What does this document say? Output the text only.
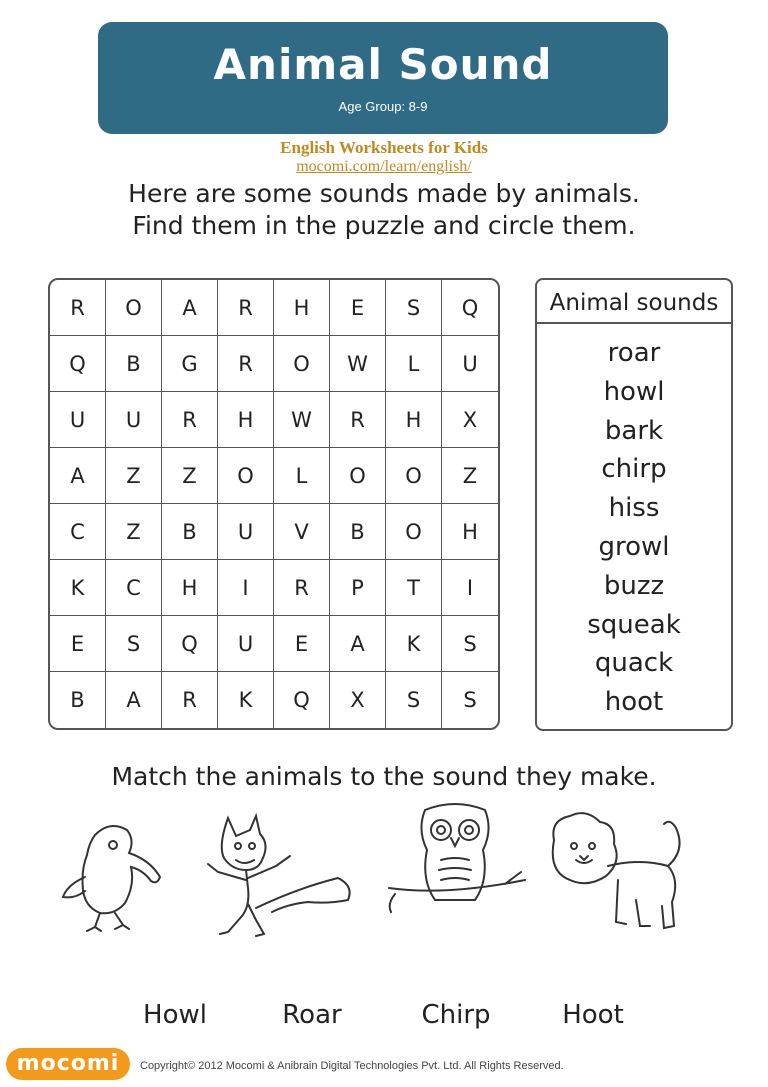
Animal Sound
Age Group: 8-9
English Worksheets for Kids
mocomi.com/learn/english/
Here are some sounds made by animals.
Find them in the puzzle and circle them.
R	O	A	R	H	E	S	Q
Q	B	G	R	O	W	L	U
U	U	R	H	W	R	H	X
A	Z	Z	O	L	O	O	Z
C	Z	B	U	V	B	O	H
K	C	H	I	R	P	T	I
E	S	Q	U	E	A	K	S
B	A	R	K	Q	X	S	S
Animal sounds
roar
howl
bark
chirp
hiss
growl
buzz
squeak
quack
hoot
Match the animals to the sound they make.
Howl	Roar	Chirp	Hoot
mocomi	Copyright© 2012 Mocomi & Anibrain Digital Technologies Pvt. Ltd. All Rights Reserved.
